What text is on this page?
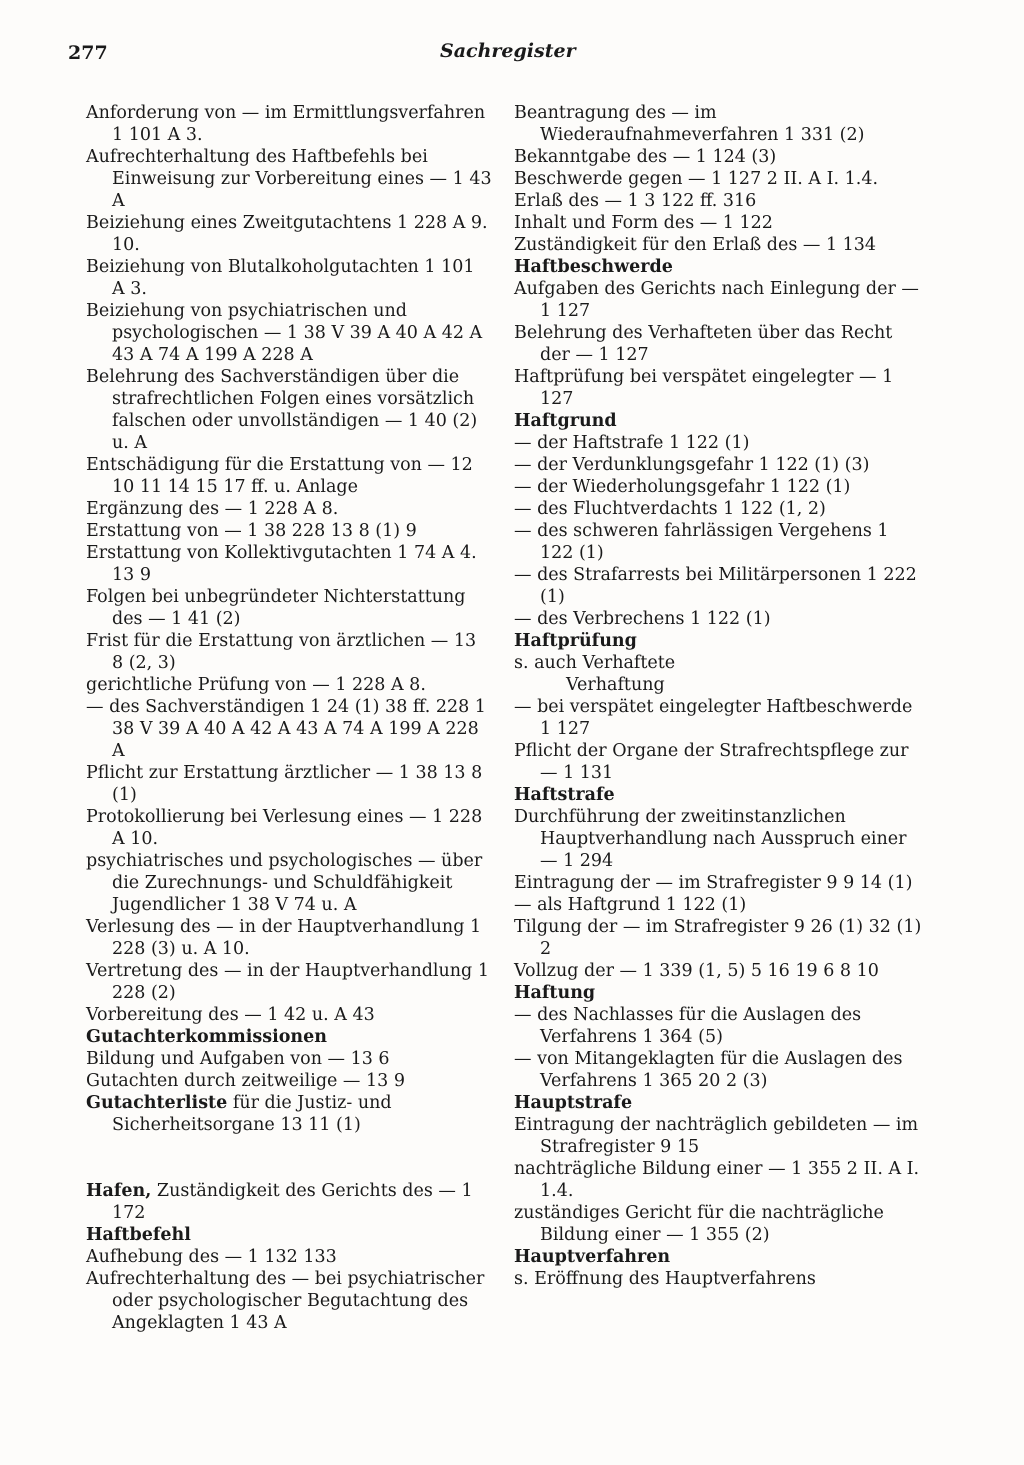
277	Sachregister
Anforderung von — im Ermittlungsverfahren 1 101 A 3.
Aufrechterhaltung des Haftbefehls bei Einweisung zur Vorbereitung eines — 1 43 A
Beiziehung eines Zweitgutachtens 1 228 A 9. 10.
Beiziehung von Blutalkoholgutachten 1 101 A 3.
Beiziehung von psychiatrischen und psychologischen — 1 38 V 39 A 40 A 42 A 43 A 74 A 199 A 228 A
Belehrung des Sachverständigen über die strafrechtlichen Folgen eines vorsätzlich falschen oder unvollständigen — 1 40 (2) u. A
Entschädigung für die Erstattung von — 12 10 11 14 15 17 ff. u. Anlage
Ergänzung des — 1 228 A 8.
Erstattung von — 1 38 228 13 8 (1) 9
Erstattung von Kollektivgutachten 1 74 A 4. 13 9
Folgen bei unbegründeter Nichterstattung des — 1 41 (2)
Frist für die Erstattung von ärztlichen — 13 8 (2, 3)
gerichtliche Prüfung von — 1 228 A 8.
— des Sachverständigen 1 24 (1) 38 ff. 228 1 38 V 39 A 40 A 42 A 43 A 74 A 199 A 228 A
Pflicht zur Erstattung ärztlicher — 1 38 13 8 (1)
Protokollierung bei Verlesung eines — 1 228 A 10.
psychiatrisches und psychologisches — über die Zurechnungs- und Schuldfähigkeit Jugendlicher 1 38 V 74 u. A
Verlesung des — in der Hauptverhandlung 1 228 (3) u. A 10.
Vertretung des — in der Hauptverhandlung 1 228 (2)
Vorbereitung des — 1 42 u. A 43
Gutachterkommissionen
Bildung und Aufgaben von — 13 6
Gutachten durch zeitweilige — 13 9
Gutachterliste für die Justiz- und Sicherheitsorgane 13 11 (1)
Hafen, Zuständigkeit des Gerichts des — 1 172
Haftbefehl
Aufhebung des — 1 132 133
Aufrechterhaltung des — bei psychiatrischer oder psychologischer Begutachtung des Angeklagten 1 43 A
Beantragung des — im Wiederaufnahmeverfahren 1 331 (2)
Bekanntgabe des — 1 124 (3)
Beschwerde gegen — 1 127 2 II. A I. 1.4.
Erlaß des — 1 3 122 ff. 316
Inhalt und Form des — 1 122
Zuständigkeit für den Erlaß des — 1 134
Haftbeschwerde
Aufgaben des Gerichts nach Einlegung der — 1 127
Belehrung des Verhafteten über das Recht der — 1 127
Haftprüfung bei verspätet eingelegter — 1 127
Haftgrund
— der Haftstrafe 1 122 (1)
— der Verdunklungsgefahr 1 122 (1) (3)
— der Wiederholungsgefahr 1 122 (1)
— des Fluchtverdachts 1 122 (1, 2)
— des schweren fahrlässigen Vergehens 1 122 (1)
— des Strafarrests bei Militärpersonen 1 222 (1)
— des Verbrechens 1 122 (1)
Haftprüfung
s. auch Verhaftete
Verhaftung
— bei verspätet eingelegter Haftbeschwerde 1 127
Pflicht der Organe der Strafrechtspflege zur — 1 131
Haftstrafe
Durchführung der zweitinstanzlichen Hauptverhandlung nach Ausspruch einer — 1 294
Eintragung der — im Strafregister 9 9 14 (1)
— als Haftgrund 1 122 (1)
Tilgung der — im Strafregister 9 26 (1) 32 (1) 2
Vollzug der — 1 339 (1, 5) 5 16 19 6 8 10
Haftung
— des Nachlasses für die Auslagen des Verfahrens 1 364 (5)
— von Mitangeklagten für die Auslagen des Verfahrens 1 365 20 2 (3)
Hauptstrafe
Eintragung der nachträglich gebildeten — im Strafregister 9 15
nachträgliche Bildung einer — 1 355 2 II. A I. 1.4.
zuständiges Gericht für die nachträgliche Bildung einer — 1 355 (2)
Hauptverfahren
s. Eröffnung des Hauptverfahrens
